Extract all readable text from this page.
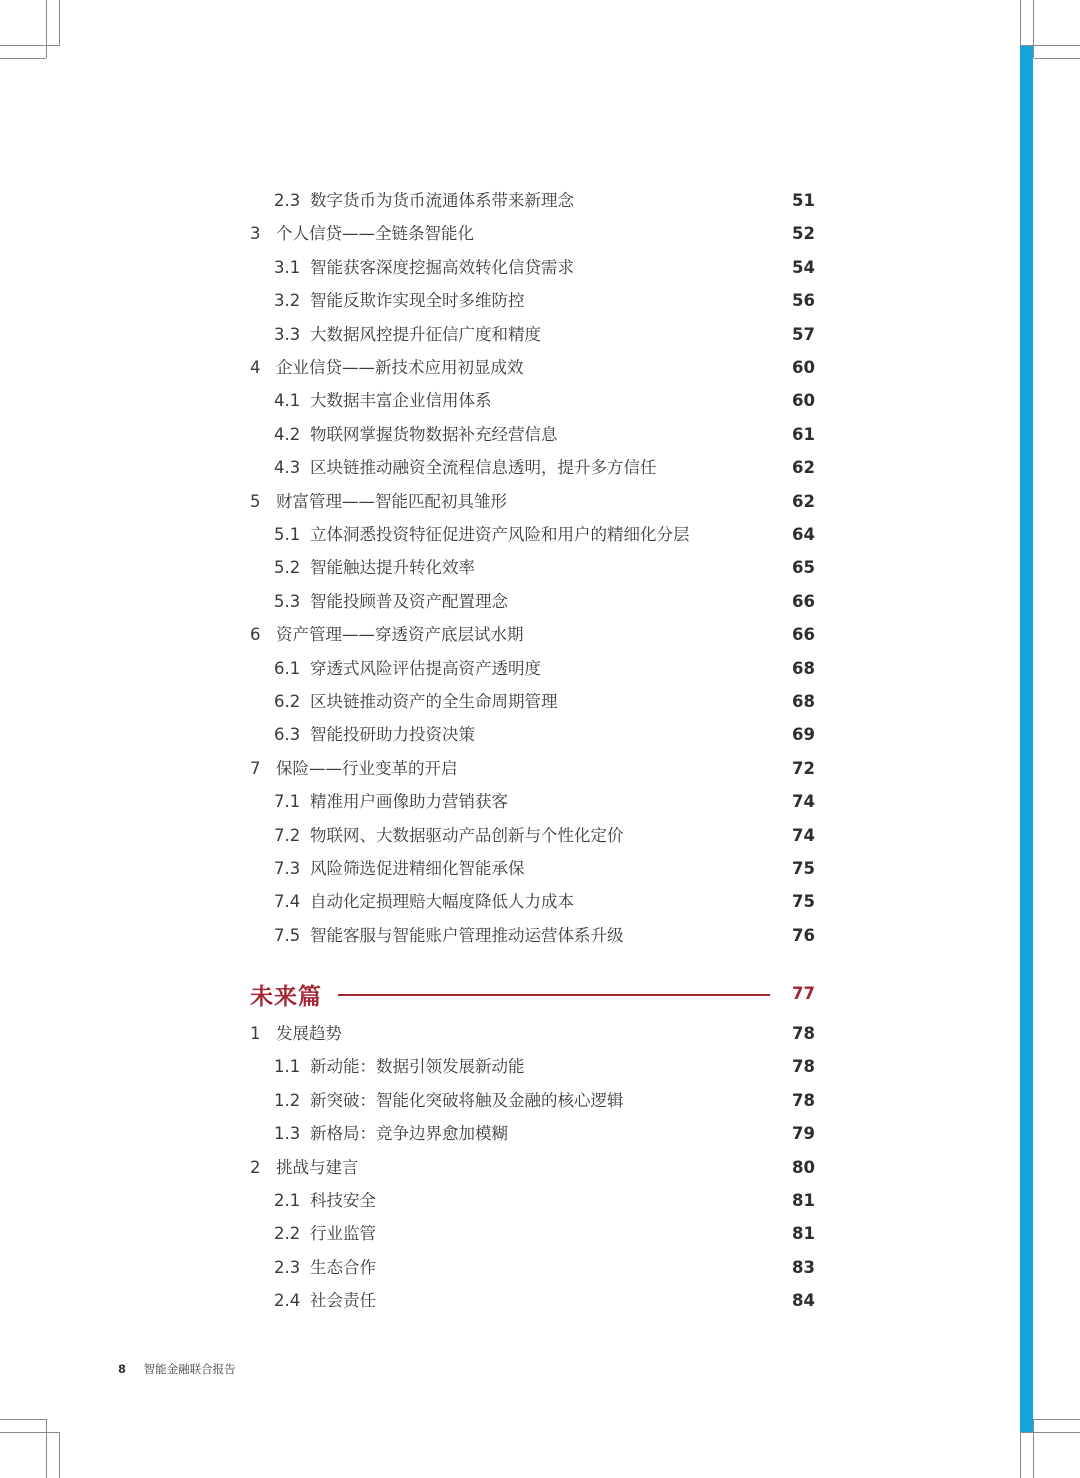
2.3 数字货币为货币流通体系带来新理念	51
3 个人信贷——全链条智能化	52
3.1 智能获客深度挖掘高效转化信贷需求	54
3.2 智能反欺诈实现全时多维防控	56
3.3 大数据风控提升征信广度和精度	57
4 企业信贷——新技术应用初显成效	60
4.1 大数据丰富企业信用体系	60
4.2 物联网掌握货物数据补充经营信息	61
4.3 区块链推动融资全流程信息透明，提升多方信任	62
5 财富管理——智能匹配初具雏形	62
5.1 立体洞悉投资特征促进资产风险和用户的精细化分层	64
5.2 智能触达提升转化效率	65
5.3 智能投顾普及资产配置理念	66
6 资产管理——穿透资产底层试水期	66
6.1 穿透式风险评估提高资产透明度	68
6.2 区块链推动资产的全生命周期管理	68
6.3 智能投研助力投资决策	69
7 保险——行业变革的开启	72
7.1 精准用户画像助力营销获客	74
7.2 物联网、大数据驱动产品创新与个性化定价	74
7.3 风险筛选促进精细化智能承保	75
7.4 自动化定损理赔大幅度降低人力成本	75
7.5 智能客服与智能账户管理推动运营体系升级	76
未来篇	77
1 发展趋势	78
1.1 新动能：数据引领发展新动能	78
1.2 新突破：智能化突破将触及金融的核心逻辑	78
1.3 新格局：竞争边界愈加模糊	79
2 挑战与建言	80
2.1 科技安全	81
2.2 行业监管	81
2.3 生态合作	83
2.4 社会责任	84
8 智能金融联合报告
